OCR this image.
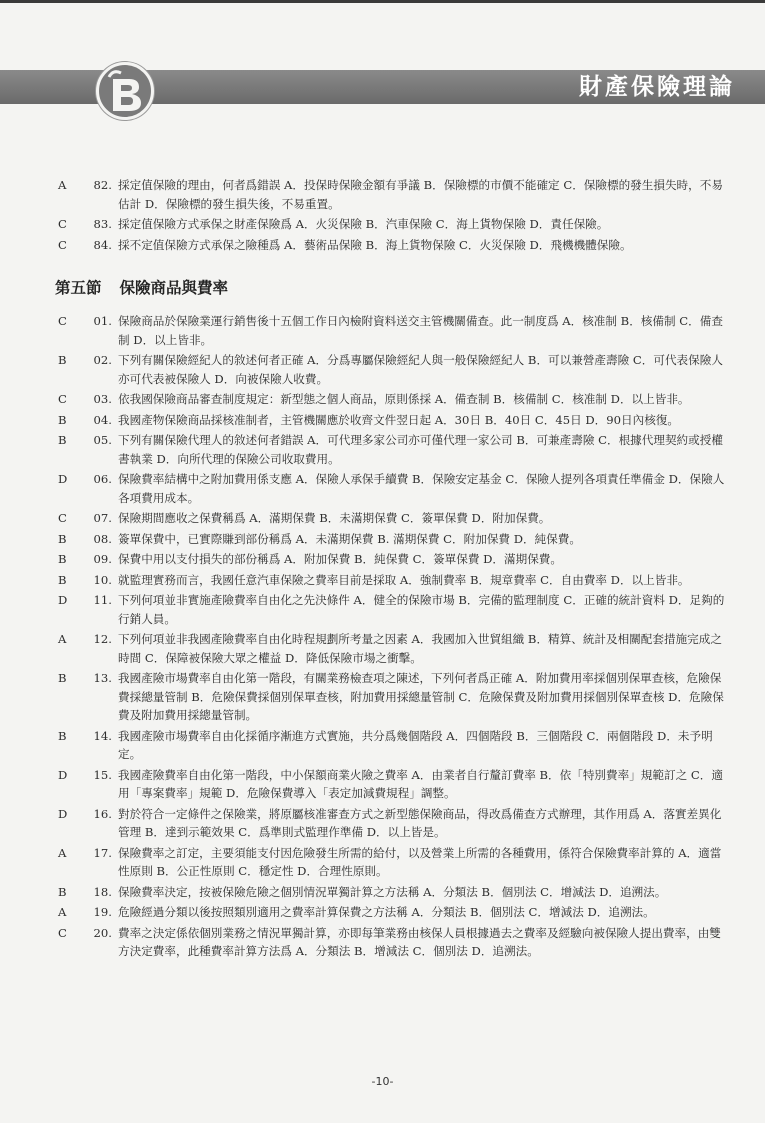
財產保險理論
A	82. 採定值保險的理由，何者爲錯誤 A．投保時保險金額有爭議 B．保險標的市價不能確定 C．保險標的發生損失時，不易估計 D．保險標的發生損失後，不易重置。
C	83. 採定值保險方式承保之財產保險爲 A．火災保險 B．汽車保險 C．海上貨物保險 D．責任保險。
C	84. 採不定值保險方式承保之險種爲 A．藝術品保險 B．海上貨物保險 C．火災保險 D．飛機機體保險。
第五節 保險商品與費率
C	01. 保險商品於保險業運行銷售後十五個工作日內檢附資料送交主管機關備查。此一制度爲 A．核准制 B．核備制 C．備查制 D．以上皆非。
B	02. 下列有關保險經紀人的敘述何者正確 A．分爲專屬保險經紀人與一般保險經紀人 B．可以兼營產壽險 C．可代表保險人亦可代表被保險人 D．向被保險人收費。
C	03. 依我國保險商品審查制度規定：新型態之個人商品，原則係採 A．備查制 B．核備制 C．核准制 D．以上皆非。
B	04. 我國產物保險商品採核准制者，主管機關應於收齊文件翌日起 A．30日 B．40日 C．45日 D．90日內核復。
B	05. 下列有關保險代理人的敘述何者錯誤 A．可代理多家公司亦可僅代理一家公司 B．可兼產壽險 C．根據代理契約或授權書執業 D．向所代理的保險公司收取費用。
D	06. 保險費率結構中之附加費用係支應 A．保險人承保手續費 B．保險安定基金 C．保險人提列各項責任準備金 D．保險人各項費用成本。
C	07. 保險期間應收之保費稱爲 A．滿期保費 B．未滿期保費 C．簽單保費 D．附加保費。
B	08. 簽單保費中，已實際賺到部份稱爲 A．未滿期保費 B. 滿期保費 C．附加保費 D．純保費。
B	09. 保費中用以支付損失的部份稱爲 A．附加保費 B．純保費 C．簽單保費 D．滿期保費。
B	10. 就監理實務而言，我國任意汽車保險之費率目前是採取 A．強制費率 B．規章費率 C．自由費率 D．以上皆非。
D	11. 下列何項並非實施產險費率自由化之先決條件 A．健全的保險市場 B．完備的監理制度 C．正確的統計資料 D．足夠的行銷人員。
A	12. 下列何項並非我國產險費率自由化時程規劃所考量之因素 A．我國加入世貿組織 B．精算、統計及相關配套措施完成之時間 C．保障被保險大眾之權益 D．降低保險市場之衝擊。
B	13. 我國產險市場費率自由化第一階段，有關業務檢查項之陳述，下列何者爲正確 A．附加費用率採個別保單查核，危險保費採總量管制 B．危險保費採個別保單查核，附加費用採總量管制 C．危險保費及附加費用採個別保單查核 D．危險保費及附加費用採總量管制。
B	14. 我國產險市場費率自由化採循序漸進方式實施，共分爲幾個階段 A．四個階段 B．三個階段 C．兩個階段 D．未予明定。
D	15. 我國產險費率自由化第一階段，中小保額商業火險之費率 A．由業者自行釐訂費率 B．依「特別費率」規範訂之 C．適用「專案費率」規範 D．危險保費導入「表定加減費規程」調整。
D	16. 對於符合一定條件之保險業，將原屬核准審查方式之新型態保險商品，得改爲備查方式辦理，其作用爲 A．落實差異化管理 B．達到示範效果 C．爲準則式監理作準備 D．以上皆是。
A	17. 保險費率之訂定，主要須能支付因危險發生所需的給付，以及營業上所需的各種費用，係符合保險費率計算的 A．適當性原則 B．公正性原則 C．穩定性 D．合理性原則。
B	18. 保險費率決定，按被保險危險之個別情況單獨計算之方法稱 A．分類法 B．個別法 C．增減法 D．追溯法。
A	19. 危險經過分類以後按照類別適用之費率計算保費之方法稱 A．分類法 B．個別法 C．增減法 D．追溯法。
C	20. 費率之決定係依個別業務之情況單獨計算，亦即每筆業務由核保人員根據過去之費率及經驗向被保險人提出費率，由雙方決定費率，此種費率計算方法爲 A．分類法 B．增減法 C．個別法 D．追溯法。
-10-
